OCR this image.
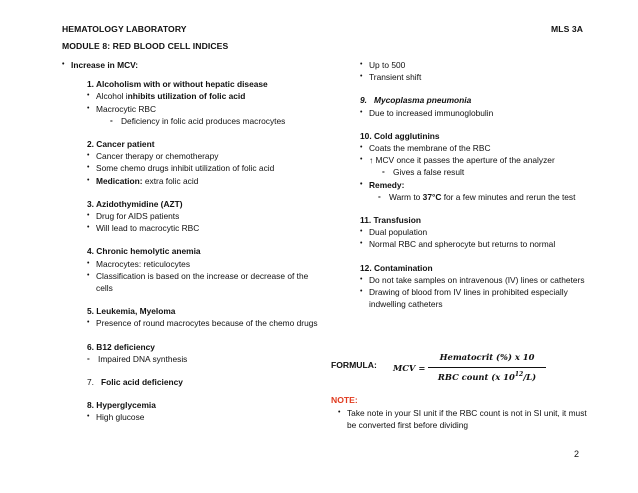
HEMATOLOGY LABORATORY
MODULE 8: RED BLOOD CELL INDICES
MLS 3A
• Increase in MCV:
1. Alcoholism with or without hepatic disease
• Alcohol inhibits utilization of folic acid
• Macrocytic RBC
- Deficiency in folic acid produces macrocytes
2. Cancer patient
• Cancer therapy or chemotherapy
• Some chemo drugs inhibit utilization of folic acid
• Medication: extra folic acid
3. Azidothymidine (AZT)
• Drug for AIDS patients
• Will lead to macrocytic RBC
4. Chronic hemolytic anemia
• Macrocytes: reticulocytes
• Classification is based on the increase or decrease of the cells
5. Leukemia, Myeloma
• Presence of round macrocytes because of the chemo drugs
6. B12 deficiency
- Impaired DNA synthesis
7. Folic acid deficiency
8. Hyperglycemia
• High glucose
• Up to 500
• Transient shift
9. Mycoplasma pneumonia
• Due to increased immunoglobulin
10. Cold agglutinins
• Coats the membrane of the RBC
• ↑ MCV once it passes the aperture of the analyzer
- Gives a false result
• Remedy:
- Warm to 37°C for a few minutes and rerun the test
11. Transfusion
• Dual population
• Normal RBC and spherocyte but returns to normal
12. Contamination
• Do not take samples on intravenous (IV) lines or catheters
• Drawing of blood from IV lines in prohibited especially indwelling catheters
FORMULA: MCV =
Hematocrit (%) x 10
RBC count (x $10^{12}/L$)
NOTE:
• Take note in your SI unit if the RBC count is not in SI unit, it must be converted first before dividing
2
